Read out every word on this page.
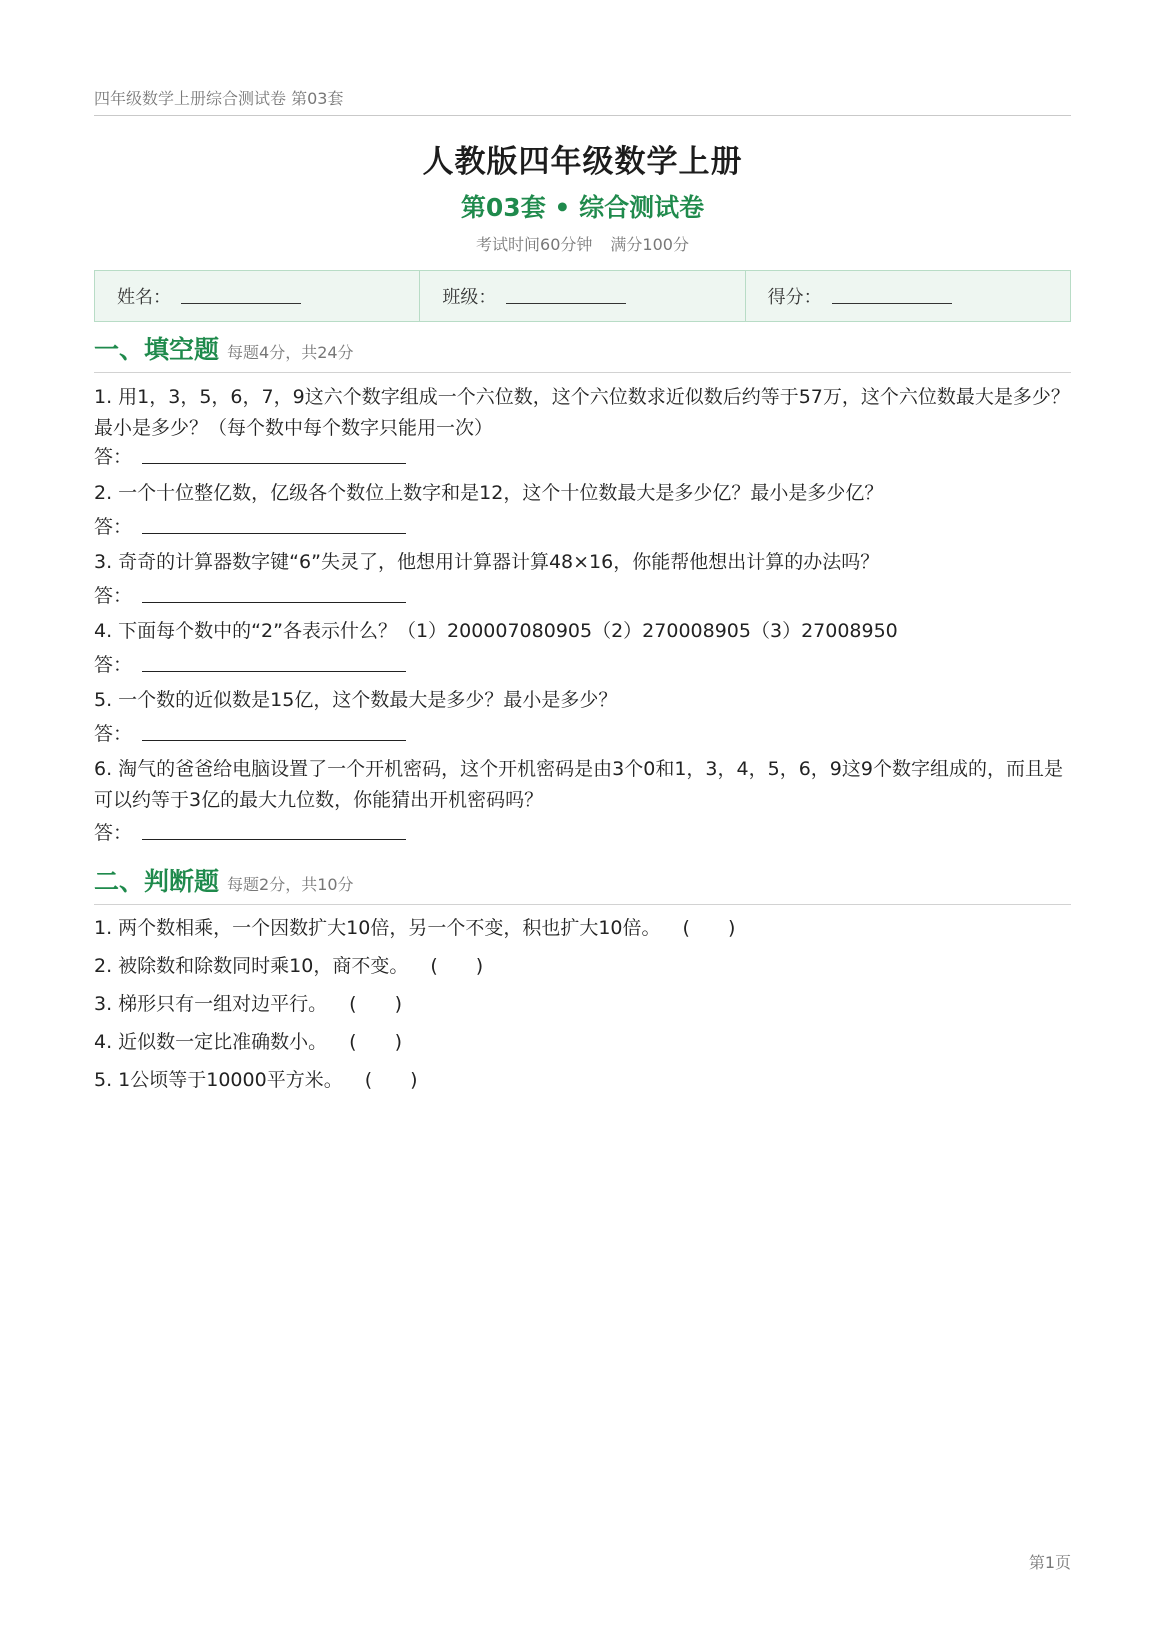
四年级数学上册综合测试卷 第03套
人教版四年级数学上册
第03套 • 综合测试卷
考试时间60分钟 满分100分
姓名：	班级：	得分：
一、填空题 每题4分，共24分
1. 用1，3，5，6，7，9这六个数字组成一个六位数，这个六位数求近似数后约等于57万，这个六位数最大是多少？最小是多少？（每个数中每个数字只能用一次）
答：
2. 一个十位整亿数，亿级各个数位上数字和是12，这个十位数最大是多少亿？最小是多少亿？
答：
3. 奇奇的计算器数字键“6”失灵了，他想用计算器计算48×16，你能帮他想出计算的办法吗？
答：
4. 下面每个数中的“2”各表示什么？（1）200007080905（2）270008905（3）27008950
答：
5. 一个数的近似数是15亿，这个数最大是多少？最小是多少？
答：
6. 淘气的爸爸给电脑设置了一个开机密码，这个开机密码是由3个0和1，3，4，5，6，9这9个数字组成的，而且是可以约等于3亿的最大九位数，你能猜出开机密码吗？
答：
二、判断题 每题2分，共10分
1. 两个数相乘，一个因数扩大10倍，另一个不变，积也扩大10倍。 (　　)
2. 被除数和除数同时乘10，商不变。 (　　)
3. 梯形只有一组对边平行。 (　　)
4. 近似数一定比准确数小。 (　　)
5. 1公顷等于10000平方米。 (　　)
第1页
